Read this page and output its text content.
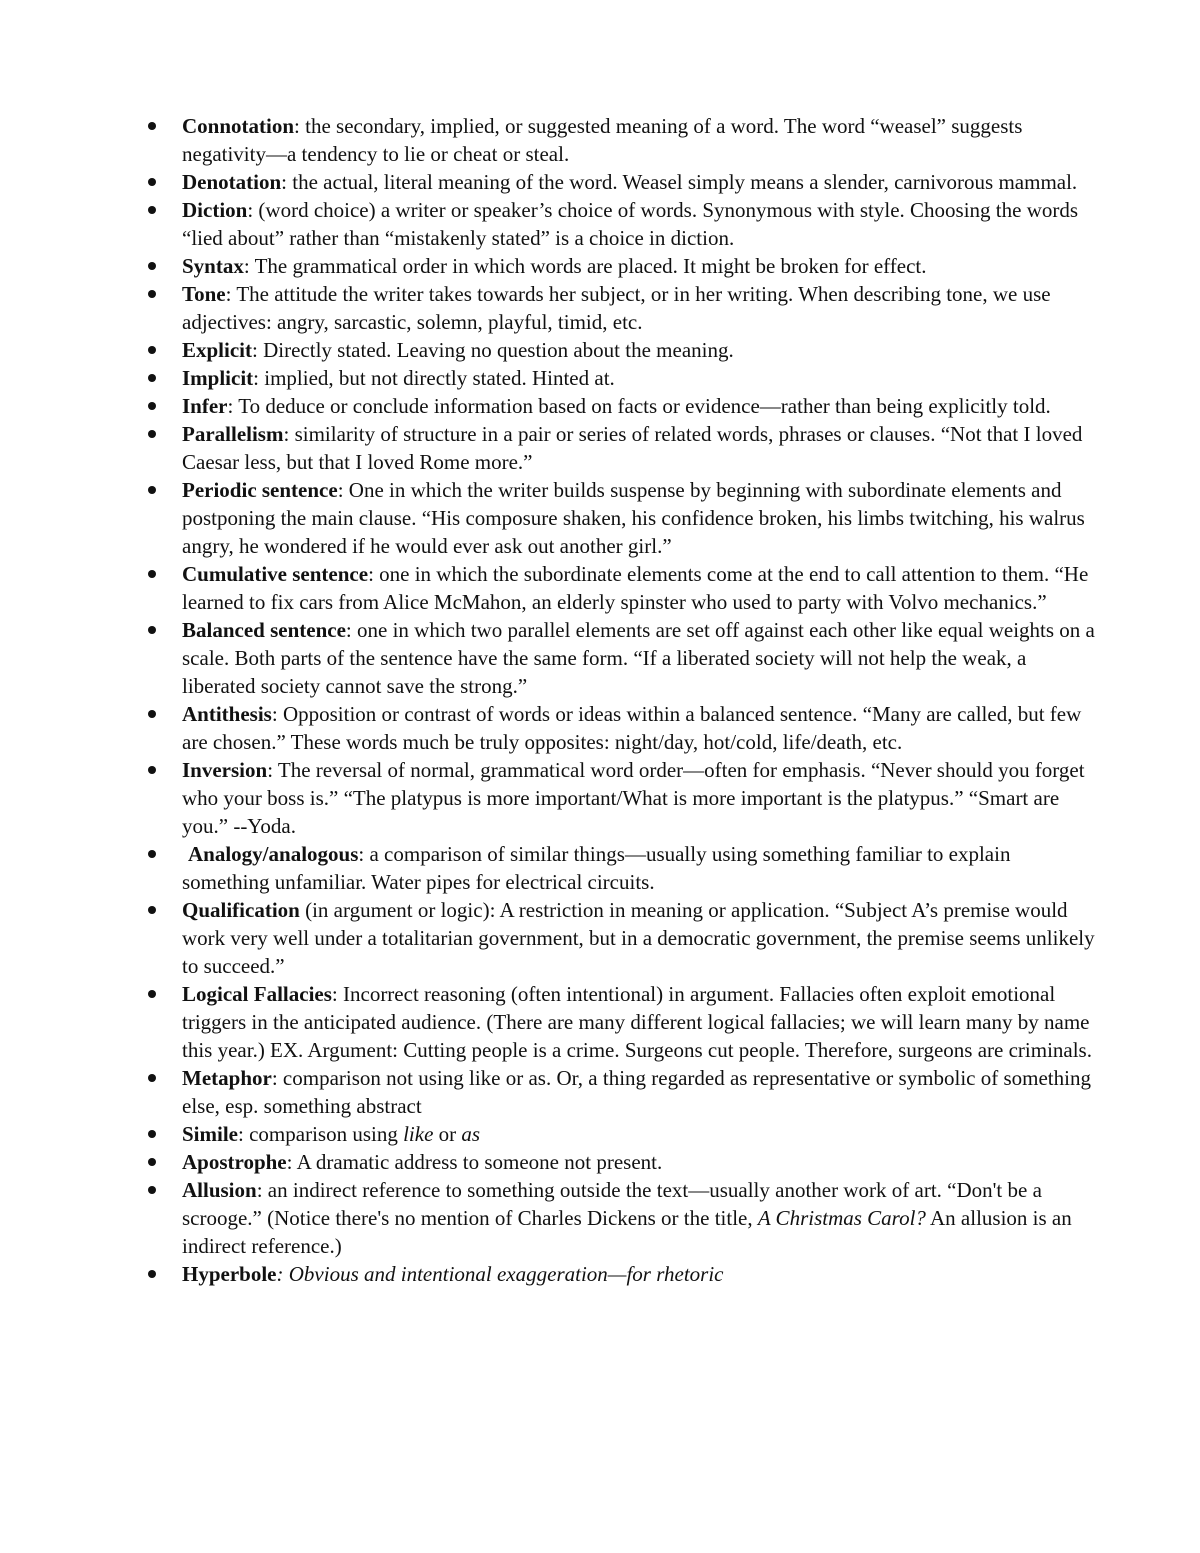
Connotation: the secondary, implied, or suggested meaning of a word. The word “weasel” suggests negativity—a tendency to lie or cheat or steal.
Denotation: the actual, literal meaning of the word. Weasel simply means a slender, carnivorous mammal.
Diction: (word choice) a writer or speaker’s choice of words. Synonymous with style. Choosing the words “lied about” rather than “mistakenly stated” is a choice in diction.
Syntax: The grammatical order in which words are placed. It might be broken for effect.
Tone: The attitude the writer takes towards her subject, or in her writing. When describing tone, we use adjectives: angry, sarcastic, solemn, playful, timid, etc.
Explicit: Directly stated. Leaving no question about the meaning.
Implicit: implied, but not directly stated. Hinted at.
Infer: To deduce or conclude information based on facts or evidence—rather than being explicitly told.
Parallelism: similarity of structure in a pair or series of related words, phrases or clauses. “Not that I loved Caesar less, but that I loved Rome more.”
Periodic sentence: One in which the writer builds suspense by beginning with subordinate elements and postponing the main clause. “His composure shaken, his confidence broken, his limbs twitching, his walrus angry, he wondered if he would ever ask out another girl.”
Cumulative sentence: one in which the subordinate elements come at the end to call attention to them. “He learned to fix cars from Alice McMahon, an elderly spinster who used to party with Volvo mechanics.”
Balanced sentence: one in which two parallel elements are set off against each other like equal weights on a scale. Both parts of the sentence have the same form. “If a liberated society will not help the weak, a liberated society cannot save the strong.”
Antithesis: Opposition or contrast of words or ideas within a balanced sentence. “Many are called, but few are chosen.” These words much be truly opposites: night/day, hot/cold, life/death, etc.
Inversion: The reversal of normal, grammatical word order—often for emphasis. “Never should you forget who your boss is.” “The platypus is more important/What is more important is the platypus.” “Smart are you.” --Yoda.
Analogy/analogous: a comparison of similar things—usually using something familiar to explain something unfamiliar. Water pipes for electrical circuits.
Qualification (in argument or logic): A restriction in meaning or application. “Subject A’s premise would work very well under a totalitarian government, but in a democratic government, the premise seems unlikely to succeed.”
Logical Fallacies: Incorrect reasoning (often intentional) in argument. Fallacies often exploit emotional triggers in the anticipated audience. (There are many different logical fallacies; we will learn many by name this year.) EX. Argument: Cutting people is a crime. Surgeons cut people. Therefore, surgeons are criminals.
Metaphor: comparison not using like or as. Or, a thing regarded as representative or symbolic of something else, esp. something abstract
Simile: comparison using like or as
Apostrophe: A dramatic address to someone not present.
Allusion: an indirect reference to something outside the text—usually another work of art. “Don't be a scrooge.” (Notice there's no mention of Charles Dickens or the title, A Christmas Carol? An allusion is an indirect reference.)
Hyperbole: Obvious and intentional exaggeration—for rhetoric
